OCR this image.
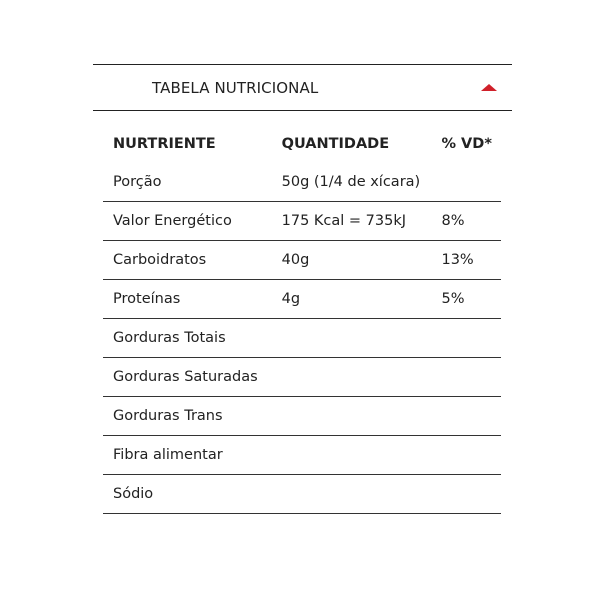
TABELA NUTRICIONAL
NURTRIENTE	QUANTIDADE	% VD*
Porção	50g (1/4 de xícara)	
Valor Energético	175 Kcal = 735kJ	8%
Carboidratos	40g	13%
Proteínas	4g	5%
Gorduras Totais		
Gorduras Saturadas		
Gorduras Trans		
Fibra alimentar		
Sódio		
